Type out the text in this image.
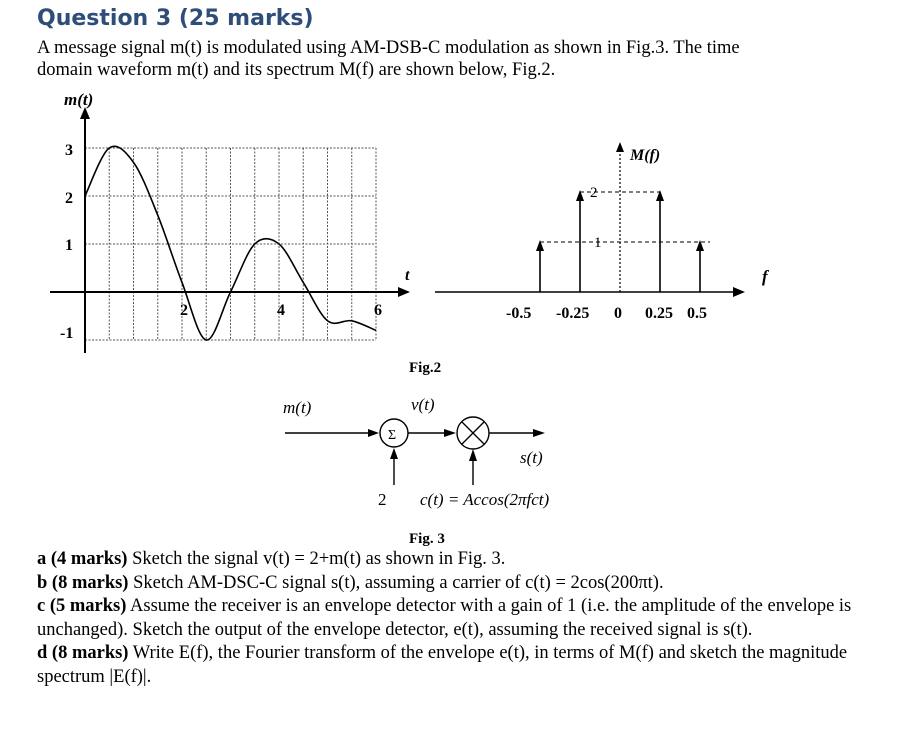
Question 3 (25 marks)

A message signal m(t) is modulated using AM-DSB-C modulation as shown in Fig.3. The time

domain waveform m(t) and its spectrum M(f) are shown below, Fig.2.

m(t)
t
3
2
1
-1
2	4	6
M(f)
2
1
f
-0.5 -0.25 0 0.25 0.5
Fig.2
m(t)
Σ
v(t)
s(t)
2 c(t) = Accos(2πfct)
Fig. 3

a (4 marks) Sketch the signal v(t) = 2+m(t) as shown in Fig. 3.

b (8 marks) Sketch AM-DSC-C signal s(t), assuming a carrier of c(t) = 2cos(200πt).

c (5 marks) Assume the receiver is an envelope detector with a gain of 1 (i.e. the amplitude of the envelope is unchanged). Sketch the output of the envelope detector, e(t), assuming the received signal is s(t).

d (8 marks) Write E(f), the Fourier transform of the envelope e(t), in terms of M(f) and sketch the magnitude spectrum |E(f)|.
